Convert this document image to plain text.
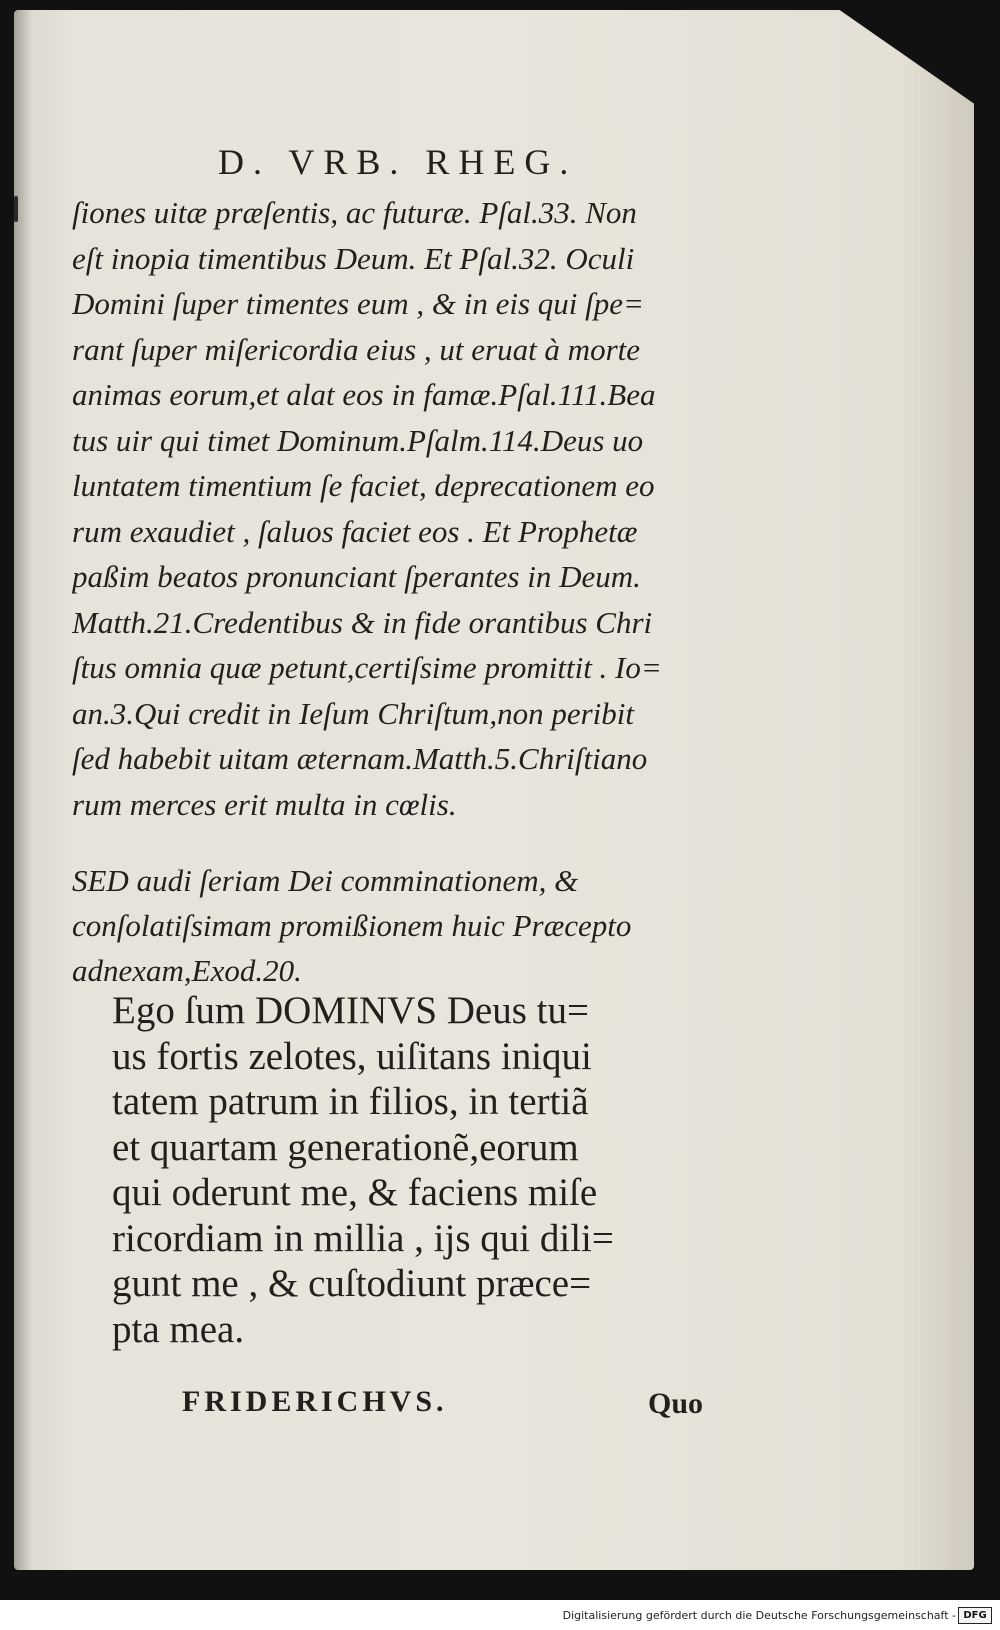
D. VRB. RHEG.
ſiones uitæ præſentis, ac futuræ. Pſal.33. Non
eſt inopia timentibus Deum. Et Pſal.32. Oculi
Domini ſuper timentes eum , & in eis qui ſpe=
rant ſuper miſericordia eius , ut eruat à morte
animas eorum,et alat eos in famæ.Pſal.111.Bea
tus uir qui timet Dominum.Pſalm.114.Deus uo
luntatem timentium ſe faciet, deprecationem eo
rum exaudiet , ſaluos faciet eos . Et Prophetæ
paßim beatos pronunciant ſperantes in Deum.
Matth.21.Credentibus & in fide orantibus Chri
ſtus omnia quæ petunt,certiſsime promittit . Io=
an.3.Qui credit in Ieſum Chriſtum,non peribit
ſed habebit uitam æternam.Matth.5.Chriſtiano
rum merces erit multa in cœlis.
SED audi ſeriam Dei comminationem, &
conſolatiſsimam promißionem huic Præcepto
adnexam,Exod.20.
Ego ſum DOMINVS Deus tu=
us fortis zelotes, uiſitans iniqui
tatem patrum in filios, in tertiã
et quartam generationẽ,eorum
qui oderunt me, & faciens miſe
ricordiam in millia , ijs qui dili=
gunt me , & cuſtodiunt præce=
pta mea.
FRIDERICHVS.	Quo
Digitalisierung gefördert durch die Deutsche Forschungsgemeinschaft - DFG
